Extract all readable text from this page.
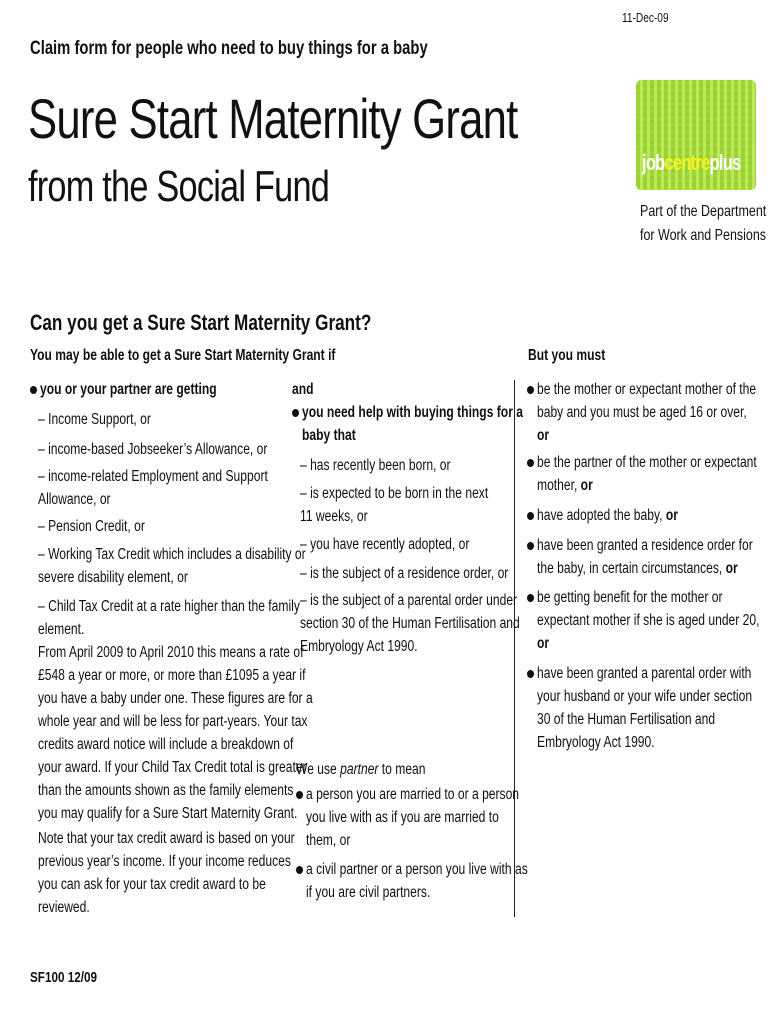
11-Dec-09
Claim form for people who need to buy things for a baby
Sure Start Maternity Grant
from the Social Fund	jobcentreplus
Part of the Department
for Work and Pensions
Can you get a Sure Start Maternity Grant?
You may be able to get a Sure Start Maternity Grant if	But you must
you or your partner are getting
– Income Support, or
– income-based Jobseeker’s Allowance, or
– income-related Employment and Support
Allowance, or
– Pension Credit, or
– Working Tax Credit which includes a disability or
severe disability element, or
– Child Tax Credit at a rate higher than the family
element.
From April 2009 to April 2010 this means a rate of
£548 a year or more, or more than £1095 a year if
you have a baby under one. These figures are for a
whole year and will be less for part-years. Your tax
credits award notice will include a breakdown of
your award. If your Child Tax Credit total is greater
than the amounts shown as the family elements
you may qualify for a Sure Start Maternity Grant.
Note that your tax credit award is based on your
previous year’s income. If your income reduces
you can ask for your tax credit award to be
reviewed.
and
you need help with buying things for a
baby that
– has recently been born, or
– is expected to be born in the next
11 weeks, or
– you have recently adopted, or
– is the subject of a residence order, or
– is the subject of a parental order under
section 30 of the Human Fertilisation and
Embryology Act 1990.
We use partner to mean
a person you are married to or a person
you live with as if you are married to
them, or
a civil partner or a person you live with as
if you are civil partners.
be the mother or expectant mother of the
baby and you must be aged 16 or over,
or
be the partner of the mother or expectant
mother, or
have adopted the baby, or
have been granted a residence order for
the baby, in certain circumstances, or
be getting benefit for the mother or
expectant mother if she is aged under 20,
or
have been granted a parental order with
your husband or your wife under section
30 of the Human Fertilisation and
Embryology Act 1990.
SF100 12/09
